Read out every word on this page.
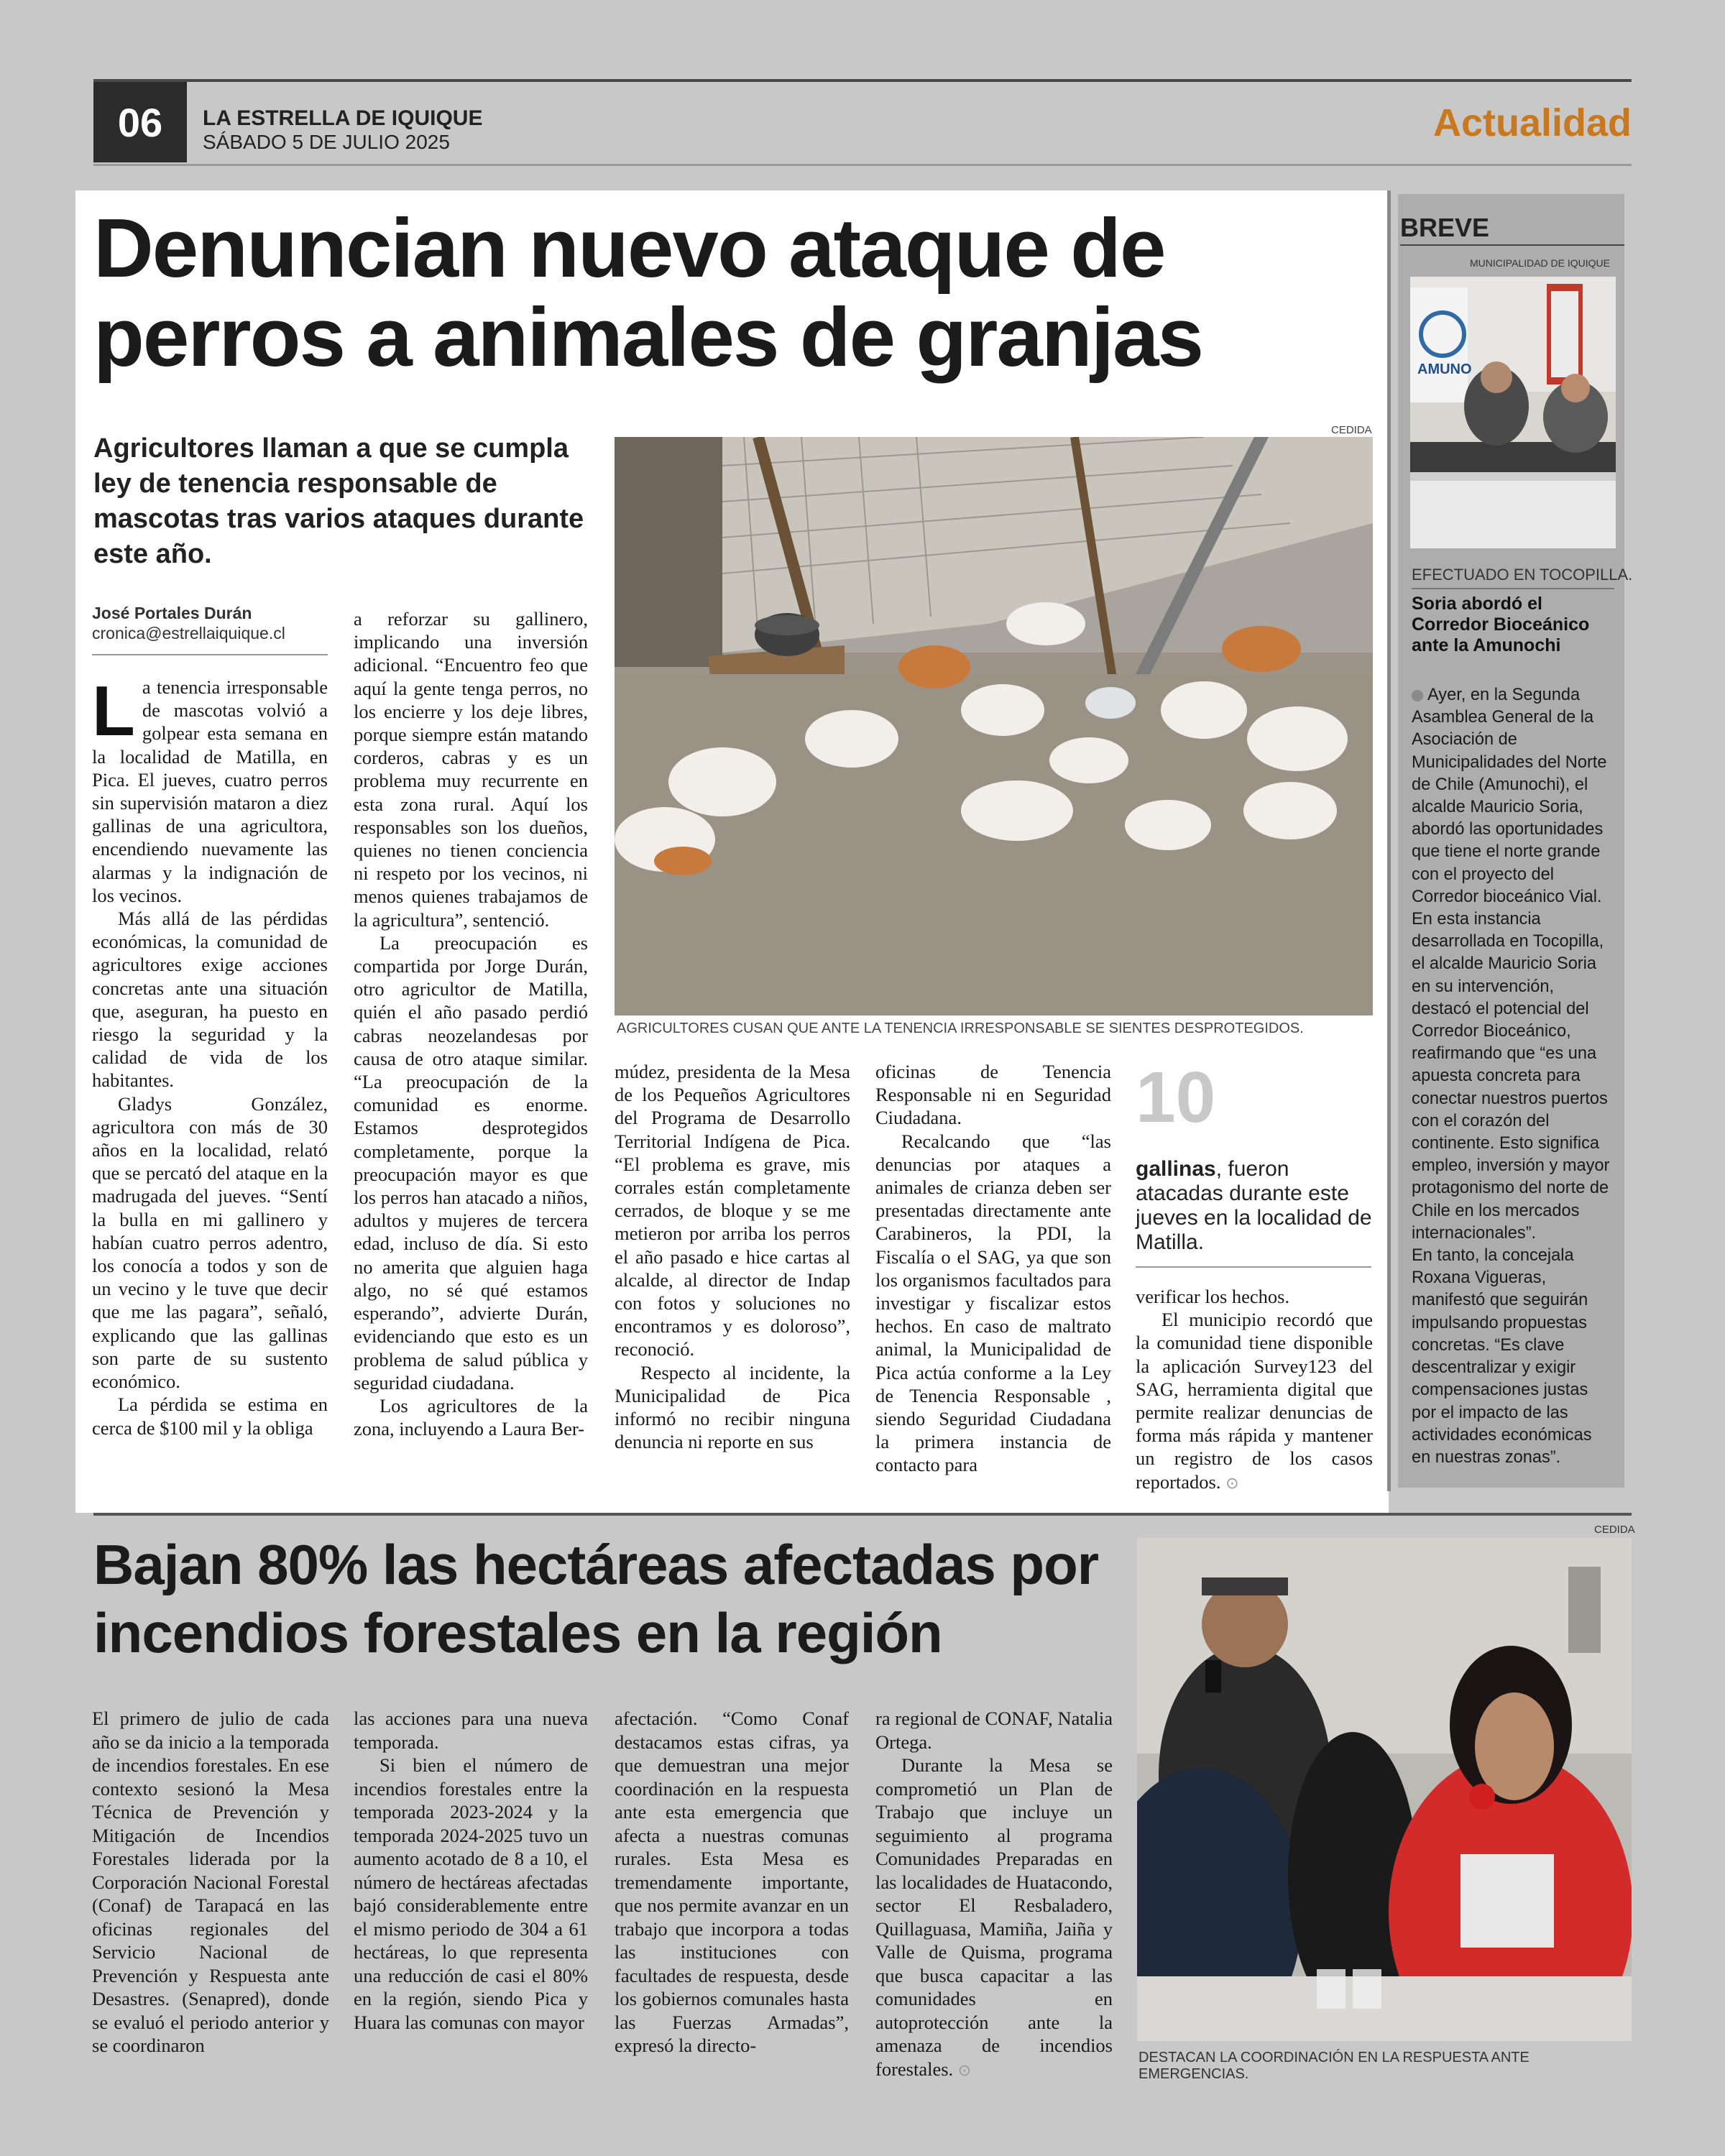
06	LA ESTRELLA DE IQUIQUE
SÁBADO 5 DE JULIO 2025	Actualidad
Denuncian nuevo ataque de perros a animales de granjas
Agricultores llaman a que se cumpla ley de tenencia responsable de mascotas tras varios ataques durante este año.
José Portales Durán
cronica@estrellaiquique.cl

La tenencia irresponsable de mascotas volvió a golpear esta semana en la localidad de Matilla, en Pica. El jueves, cuatro perros sin supervisión mataron a diez gallinas de una agricultora, encendiendo nuevamente las alarmas y la indignación de los vecinos.

Más allá de las pérdidas económicas, la comunidad de agricultores exige acciones concretas ante una situación que, aseguran, ha puesto en riesgo la seguridad y la calidad de vida de los habitantes.

Gladys González, agricultora con más de 30 años en la localidad, relató que se percató del ataque en la madrugada del jueves. “Sentí la bulla en mi gallinero y habían cuatro perros adentro, los conocía a todos y son de un vecino y le tuve que decir que me las pagara”, señaló, explicando que las gallinas son parte de su sustento económico.

La pérdida se estima en cerca de $100 mil y la obliga

a reforzar su gallinero, implicando una inversión adicional. “Encuentro feo que aquí la gente tenga perros, no los encierre y los deje libres, porque siempre están matando corderos, cabras y es un problema muy recurrente en esta zona rural. Aquí los responsables son los dueños, quienes no tienen conciencia ni respeto por los vecinos, ni menos quienes trabajamos de la agricultura”, sentenció.

La preocupación es compartida por Jorge Durán, otro agricultor de Matilla, quién el año pasado perdió cabras neozelandesas por causa de otro ataque similar. “La preocupación de la comunidad es enorme. Estamos desprotegidos completamente, porque la preocupación mayor es que los perros han atacado a niños, adultos y mujeres de tercera edad, incluso de día. Si esto no amerita que alguien haga algo, no sé qué estamos esperando”, advierte Durán, evidenciando que esto es un problema de salud pública y seguridad ciudadana.

Los agricultores de la zona, incluyendo a Laura Ber-

múdez, presidenta de la Mesa de los Pequeños Agricultores del Programa de Desarrollo Territorial Indígena de Pica. “El problema es grave, mis corrales están completamente cerrados, de bloque y se me metieron por arriba los perros el año pasado e hice cartas al alcalde, al director de Indap con fotos y soluciones no encontramos y es doloroso”, reconoció.

Respecto al incidente, la Municipalidad de Pica informó no recibir ninguna denuncia ni reporte en sus

oficinas de Tenencia Responsable ni en Seguridad Ciudadana.

Recalcando que “las denuncias por ataques a animales de crianza deben ser presentadas directamente ante Carabineros, la PDI, la Fiscalía o el SAG, ya que son los organismos facultados para investigar y fiscalizar estos hechos. En caso de maltrato animal, la Municipalidad de Pica actúa conforme a la Ley de Tenencia Responsable , siendo Seguridad Ciudadana la primera instancia de contacto para

verificar los hechos.

El municipio recordó que la comunidad tiene disponible la aplicación Survey123 del SAG, herramienta digital que permite realizar denuncias de forma más rápida y mantener un registro de los casos reportados. ⊙

CEDIDA
AGRICULTORES CUSAN QUE ANTE LA TENENCIA IRRESPONSABLE SE SIENTES DESPROTEGIDOS.
10
gallinas, fueron atacadas durante este jueves en la localidad de Matilla.
BREVE
MUNICIPALIDAD DE IQUIQUE
AMUNO
EFECTUADO EN TOCOPILLA.
Soria abordó el Corredor Bioceánico ante la Amunochi

Ayer, en la Segunda Asamblea General de la Asociación de Municipalidades del Norte de Chile (Amunochi), el alcalde Mauricio Soria, abordó las oportunidades que tiene el norte grande con el proyecto del Corredor bioceánico Vial.

En esta instancia desarrollada en Tocopilla, el alcalde Mauricio Soria en su intervención, destacó el potencial del Corredor Bioceánico, reafirmando que “es una apuesta concreta para conectar nuestros puertos con el corazón del continente. Esto significa empleo, inversión y mayor protagonismo del norte de Chile en los mercados internacionales”.

En tanto, la concejala Roxana Vigueras, manifestó que seguirán impulsando propuestas concretas. “Es clave descentralizar y exigir compensaciones justas por el impacto de las actividades económicas en nuestras zonas”.

Bajan 80% las hectáreas afectadas por incendios forestales en la región

El primero de julio de cada año se da inicio a la temporada de incendios forestales. En ese contexto sesionó la Mesa Técnica de Prevención y Mitigación de Incendios Forestales liderada por la Corporación Nacional Forestal (Conaf) de Tarapacá en las oficinas regionales del Servicio Nacional de Prevención y Respuesta ante Desastres. (Senapred), donde se evaluó el periodo anterior y se coordinaron

las acciones para una nueva temporada.

Si bien el número de incendios forestales entre la temporada 2023-2024 y la temporada 2024-2025 tuvo un aumento acotado de 8 a 10, el número de hectáreas afectadas bajó considerablemente entre el mismo periodo de 304 a 61 hectáreas, lo que representa una reducción de casi el 80% en la región, siendo Pica y Huara las comunas con mayor

afectación. “Como Conaf destacamos estas cifras, ya que demuestran una mejor coordinación en la respuesta ante esta emergencia que afecta a nuestras comunas rurales. Esta Mesa es tremendamente importante, que nos permite avanzar en un trabajo que incorpora a todas las instituciones con facultades de respuesta, desde los gobiernos comunales hasta las Fuerzas Armadas”, expresó la directo-

ra regional de CONAF, Natalia Ortega.

Durante la Mesa se comprometió un Plan de Trabajo que incluye un seguimiento al programa Comunidades Preparadas en las localidades de Huatacondo, sector El Resbaladero, Quillaguasa, Mamiña, Jaiña y Valle de Quisma, programa que busca capacitar a las comunidades en autoprotección ante la amenaza de incendios forestales. ⊙

CEDIDA
DESTACAN LA COORDINACIÓN EN LA RESPUESTA ANTE EMERGENCIAS.
